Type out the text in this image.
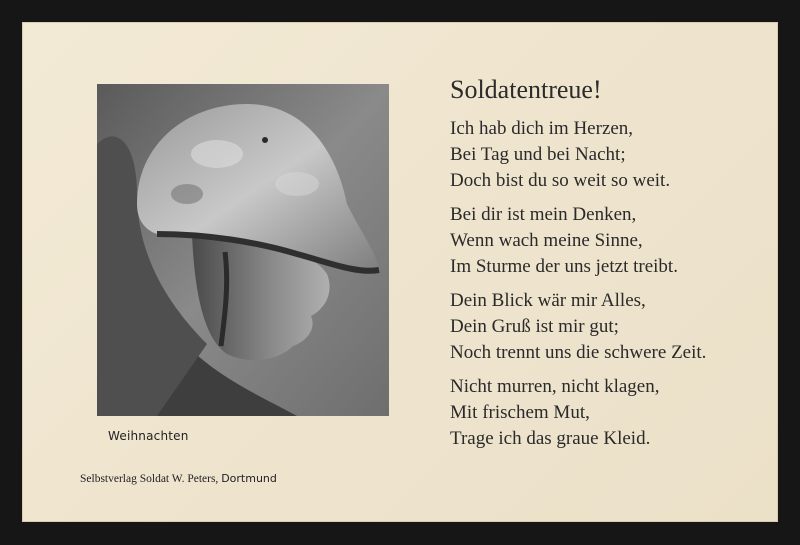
Weihnachten
Selbstverlag Soldat W. Peters, Dortmund
Soldatentreue!
Ich hab dich im Herzen,
Bei Tag und bei Nacht;
Doch bist du so weit so weit.
Bei dir ist mein Denken,
Wenn wach meine Sinne,
Im Sturme der uns jetzt treibt.
Dein Blick wär mir Alles,
Dein Gruß ist mir gut;
Noch trennt uns die schwere Zeit.
Nicht murren, nicht klagen,
Mit frischem Mut,
Trage ich das graue Kleid.
